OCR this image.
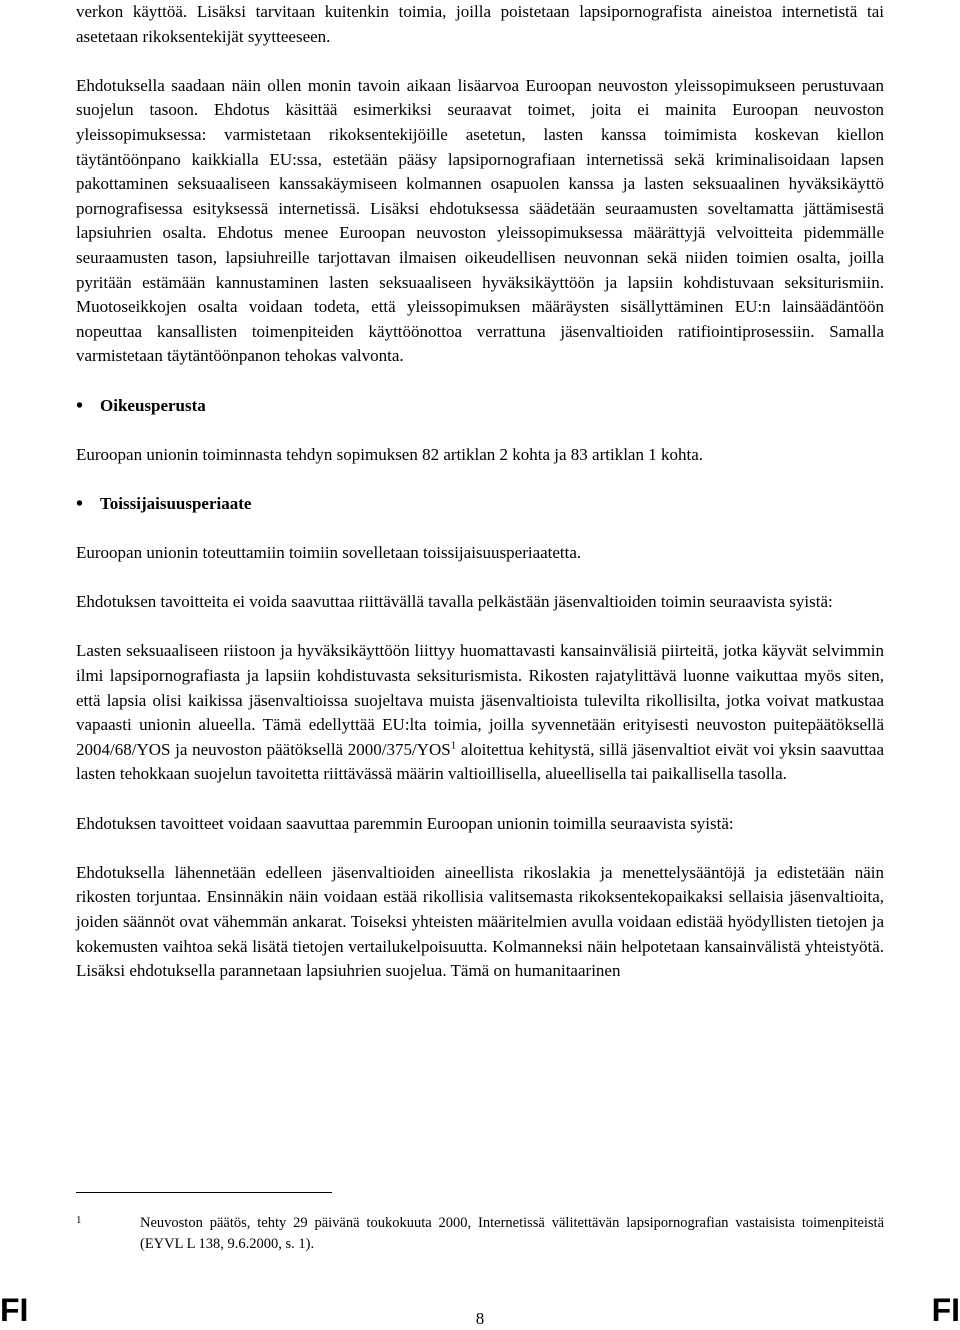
verkon käyttöä. Lisäksi tarvitaan kuitenkin toimia, joilla poistetaan lapsipornografista aineistoa internetistä tai asetetaan rikoksentekijät syytteeseen.

Ehdotuksella saadaan näin ollen monin tavoin aikaan lisäarvoa Euroopan neuvoston yleissopimukseen perustuvaan suojelun tasoon. Ehdotus käsittää esimerkiksi seuraavat toimet, joita ei mainita Euroopan neuvoston yleissopimuksessa: varmistetaan rikoksentekijöille asetetun, lasten kanssa toimimista koskevan kiellon täytäntöönpano kaikkialla EU:ssa, estetään pääsy lapsipornografiaan internetissä sekä kriminalisoidaan lapsen pakottaminen seksuaaliseen kanssakäymiseen kolmannen osapuolen kanssa ja lasten seksuaalinen hyväksikäyttö pornografisessa esityksessä internetissä. Lisäksi ehdotuksessa säädetään seuraamusten soveltamatta jättämisestä lapsiuhrien osalta. Ehdotus menee Euroopan neuvoston yleissopimuksessa määrättyjä velvoitteita pidemmälle seuraamusten tason, lapsiuhreille tarjottavan ilmaisen oikeudellisen neuvonnan sekä niiden toimien osalta, joilla pyritään estämään kannustaminen lasten seksuaaliseen hyväksikäyttöön ja lapsiin kohdistuvaan seksiturismiin. Muotoseikkojen osalta voidaan todeta, että yleissopimuksen määräysten sisällyttäminen EU:n lainsäädäntöön nopeuttaa kansallisten toimenpiteiden käyttöönottoa verrattuna jäsenvaltioiden ratifiointiprosessiin. Samalla varmistetaan täytäntöönpanon tehokas valvonta.

• Oikeusperusta

Euroopan unionin toiminnasta tehdyn sopimuksen 82 artiklan 2 kohta ja 83 artiklan 1 kohta.

• Toissijaisuusperiaate

Euroopan unionin toteuttamiin toimiin sovelletaan toissijaisuusperiaatetta.

Ehdotuksen tavoitteita ei voida saavuttaa riittävällä tavalla pelkästään jäsenvaltioiden toimin seuraavista syistä:

Lasten seksuaaliseen riistoon ja hyväksikäyttöön liittyy huomattavasti kansainvälisiä piirteitä, jotka käyvät selvimmin ilmi lapsipornografiasta ja lapsiin kohdistuvasta seksiturismista. Rikosten rajatylittävä luonne vaikuttaa myös siten, että lapsia olisi kaikissa jäsenvaltioissa suojeltava muista jäsenvaltioista tulevilta rikollisilta, jotka voivat matkustaa vapaasti unionin alueella. Tämä edellyttää EU:lta toimia, joilla syvennetään erityisesti neuvoston puitepäätöksellä 2004/68/YOS ja neuvoston päätöksellä 2000/375/YOS$^1$ aloitettua kehitystä, sillä jäsenvaltiot eivät voi yksin saavuttaa lasten tehokkaan suojelun tavoitetta riittävässä määrin valtioillisella, alueellisella tai paikallisella tasolla.

Ehdotuksen tavoitteet voidaan saavuttaa paremmin Euroopan unionin toimilla seuraavista syistä:

Ehdotuksella lähennetään edelleen jäsenvaltioiden aineellista rikoslakia ja menettelysääntöjä ja edistetään näin rikosten torjuntaa. Ensinnäkin näin voidaan estää rikollisia valitsemasta rikoksentekopaikaksi sellaisia jäsenvaltioita, joiden säännöt ovat vähemmän ankarat. Toiseksi yhteisten määritelmien avulla voidaan edistää hyödyllisten tietojen ja kokemusten vaihtoa sekä lisätä tietojen vertailukelpoisuutta. Kolmanneksi näin helpotetaan kansainvälistä yhteistyötä. Lisäksi ehdotuksella parannetaan lapsiuhrien suojelua. Tämä on humanitaarinen

1	Neuvoston päätös, tehty 29 päivänä toukokuuta 2000, Internetissä välitettävän lapsipornografian vastaisista toimenpiteistä (EYVL L 138, 9.6.2000, s. 1).
FI	8	FI
